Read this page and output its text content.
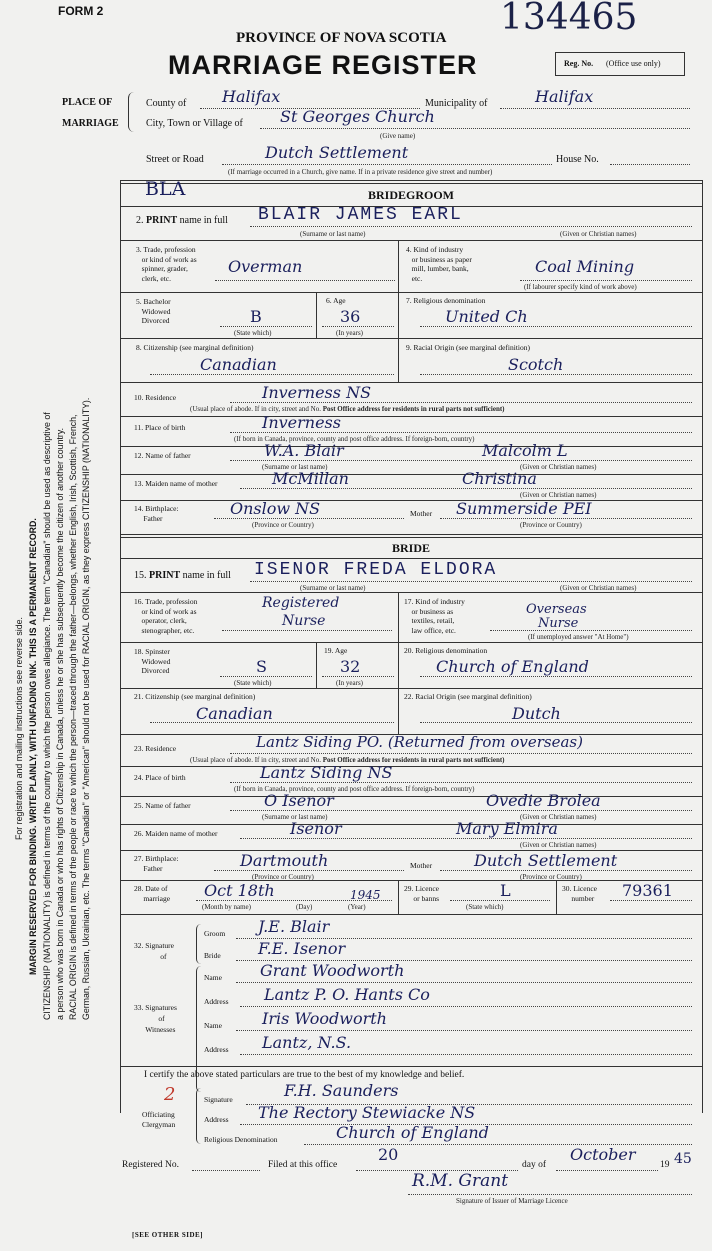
FORM 2	134465
PROVINCE OF NOVA SCOTIA
MARRIAGE REGISTER	Reg. No. (Office use only)
PLACE OF
MARRIAGE
County of Halifax	Municipality of	Halifax
City, Town or Village of St Georges Church
(Give name)
Street or Road	Dutch Settlement	House No.
(If marriage occurred in a Church, give name. If in a private residence give street and number)
For registration and mailing instructions see reverse side. MARGIN RESERVED FOR BINDING. WRITE PLAINLY, WITH UNFADING INK. THIS IS A PERMANENT RECORD. CITIZENSHIP (NATIONALITY) is defined in terms of the country to which the person owes allegiance. The term "Canadian" should be used as descriptive of a person who was born in Canada or who has rights of Citizenship in Canada, unless he or she has subsequently become the citizen of another country. RACIAL ORIGIN is defined in terms of the people or race to which the person—traced through the father—belongs, whether English, Irish, Scottish, French, German, Russian, Ukrainian, etc. The terms "Canadian" or "American" should not be used for RACIAL ORIGIN, as they express CITIZENSHIP (NATIONALITY).
BLA	BRIDEGROOM
2. PRINT name in full BLAIR JAMES EARL
(Surname or last name)	(Given or Christian names)
3. Trade, profession
or kind of work as
spinner, grader,
clerk, etc.
Overman
4. Kind of industry
or business as paper
mill, lumber, bank,
etc.
Coal Mining
(If labourer specify kind of work above)
5. Bachelor
Widowed
Divorced	B
(State which)
6. Age
36
(In years)
7. Religious denomination
United Ch
8. Citizenship (see marginal definition)
Canadian
9. Racial Origin (see marginal definition)
Scotch
10. Residence	Inverness NS
(Usual place of abode. If in city, street and No. Post Office address for residents in rural parts not sufficient)
11. Place of birth	Inverness
(If born in Canada, province, county and post office address. If foreign-born, country)
12. Name of father	W.A. Blair	Malcolm L
(Surname or last name)	(Given or Christian names)
13. Maiden name of mother	McMillan	Christina
(Given or Christian names)
14. Birthplace:
Father	Onslow NS	Mother Summerside PEI
(Province or Country)	(Province or Country)
BRIDE
15. PRINT name in full ISENOR FREDA ELDORA
(Surname or last name)	(Given or Christian names)
16. Trade, profession
or kind of work as
operator, clerk,
stenographer, etc.
Registered
Nurse
17. Kind of industry
or business as
textiles, retail,
law office, etc.
Overseas
Nurse
(If unemployed answer "At Home")
18. Spinster
Widowed
Divorced	S
(State which)
19. Age
32
(In years)
20. Religious denomination
Church of England
21. Citizenship (see marginal definition)
Canadian
22. Racial Origin (see marginal definition)
Dutch
23. Residence	Lantz Siding PO. (Returned from overseas)
(Usual place of abode. If in city, street and No. Post Office address for residents in rural parts not sufficient)
24. Place of birth	Lantz Siding NS
(If born in Canada, province, county and post office address. If foreign-born, country)
25. Name of father	O Isenor	Ovedie Brolea
(Surname or last name)	(Given or Christian names)
26. Maiden name of mother	Isenor	Mary Elmira
(Given or Christian names)
27. Birthplace:
Father	Dartmouth	Mother	Dutch Settlement
(Province or Country)	(Province or Country)
28. Date of
marriage Oct 18th	1945
(Month by name)	(Day)	(Year)
29. Licence
or banns	L
(State which)
30. Licence
number 79361
32. Signature
of
Groom J.E. Blair
Bride F.E. Isenor
33. Signatures
of
Witnesses
Name Grant Woodworth
Address Lantz P. O. Hants Co
Name	Iris Woodworth
Address Lantz, N.S.
I certify the above stated particulars are true to the best of my knowledge and belief.
2
Officiating
Clergyman
Signature	F.H. Saunders
Address The Rectory Stewiacke NS
Religious Denomination	Church of England
Registered No.	Filed at this office
20
day of
October
19 45
R.M. Grant
Signature of Issuer of Marriage Licence
[SEE OTHER SIDE]
